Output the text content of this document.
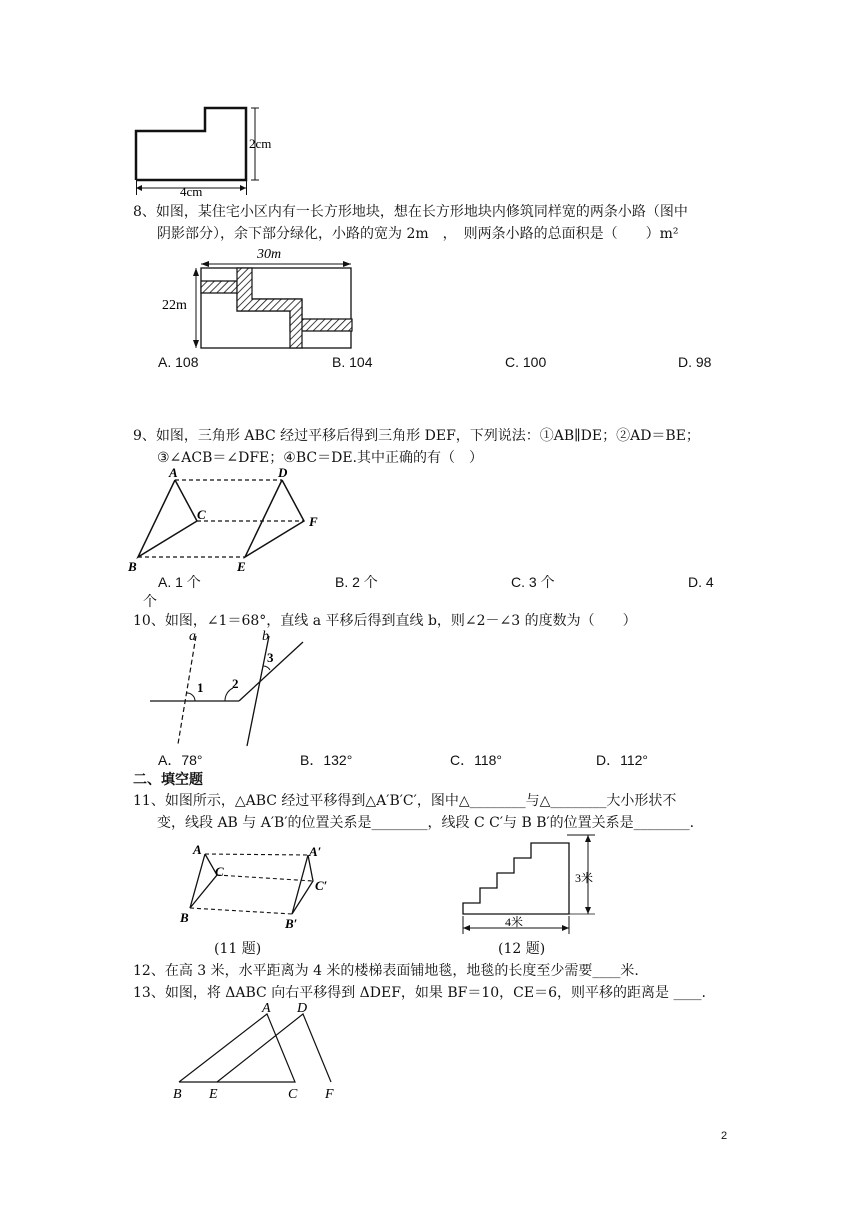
2cm
4cm
8、如图，某住宅小区内有一长方形地块，想在长方形地块内修筑同样宽的两条小路（图中
阴影部分），余下部分绿化，小路的宽为 2m　，　则两条小路的总面积是（　　）m²
30m
22m
A. 108	B. 104	C. 100	D. 98
9、如图，三角形 ABC 经过平移后得到三角形 DEF，下列说法：①AB∥DE；②AD＝BE；
③∠ACB＝∠DFE；④BC＝DE.其中正确的有（　）
A
B
C
D
E
F
A. 1 个	B. 2 个	C. 3 个	D. 4
个
10、如图，∠1＝68°，直线 a 平移后得到直线 b，则∠2－∠3 的度数为（　　）
a	b
1 2
3
A．78°	B．132°	C．118°	D．112°
二、填空题
11、如图所示，△ABC 经过平移得到△A′B′C′，图中△________与△________大小形状不
变，线段 AB 与 A′B′的位置关系是________，线段 C C′与 B B′的位置关系是________.
A
B
C
A′
B′
C′
(11 题)
3米
4米
(12 题)
12、在高 3 米，水平距离为 4 米的楼梯表面铺地毯，地毯的长度至少需要____米.
13、如图，将 ΔABC 向右平移得到 ΔDEF，如果 BF＝10，CE＝6，则平移的距离是 ____.
A D
B E	C F
2
